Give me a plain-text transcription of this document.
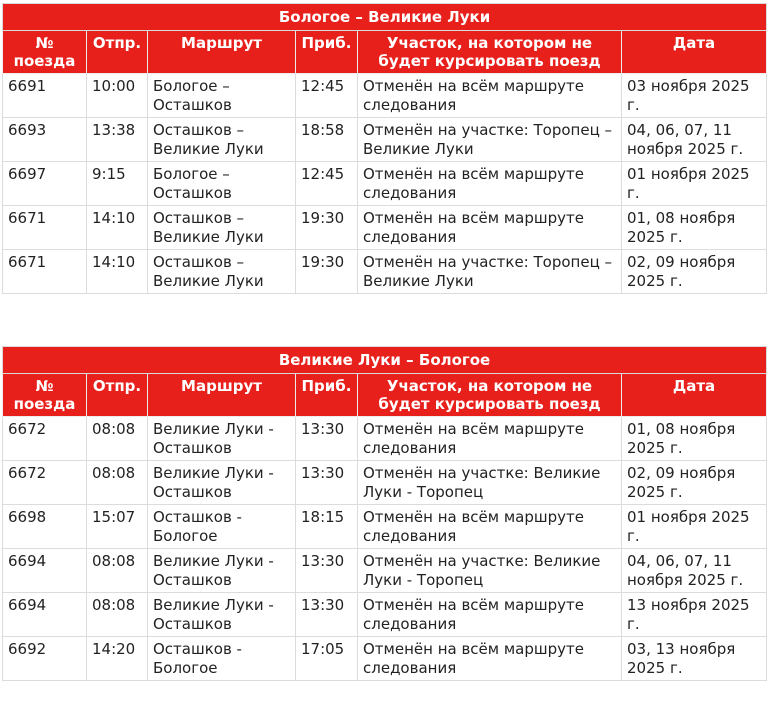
Бологое – Великие Луки					
№ поезда	Отпр.	Маршрут	Приб.	Участок, на котором не будет курсировать поезд	Дата
6691	10:00	Бологое – Осташков	12:45	Отменён на всём маршруте следования	03 ноября 2025 г.
6693	13:38	Осташков – Великие Луки	18:58	Отменён на участке: Торопец – Великие Луки	04, 06, 07, 11 ноября 2025 г.
6697	9:15	Бологое – Осташков	12:45	Отменён на всём маршруте следования	01 ноября 2025 г.
6671	14:10	Осташков – Великие Луки	19:30	Отменён на всём маршруте следования	01, 08 ноября 2025 г.
6671	14:10	Осташков – Великие Луки	19:30	Отменён на участке: Торопец – Великие Луки	02, 09 ноября 2025 г.
Великие Луки – Бологое					
№ поезда	Отпр.	Маршрут	Приб.	Участок, на котором не будет курсировать поезд	Дата
6672	08:08	Великие Луки - Осташков	13:30	Отменён на всём маршруте следования	01, 08 ноября 2025 г.
6672	08:08	Великие Луки - Осташков	13:30	Отменён на участке: Великие Луки - Торопец	02, 09 ноября 2025 г.
6698	15:07	Осташков - Бологое	18:15	Отменён на всём маршруте следования	01 ноября 2025 г.
6694	08:08	Великие Луки - Осташков	13:30	Отменён на участке: Великие Луки - Торопец	04, 06, 07, 11 ноября 2025 г.
6694	08:08	Великие Луки - Осташков	13:30	Отменён на всём маршруте следования	13 ноября 2025 г.
6692	14:20	Осташков - Бологое	17:05	Отменён на всём маршруте следования	03, 13 ноября 2025 г.
